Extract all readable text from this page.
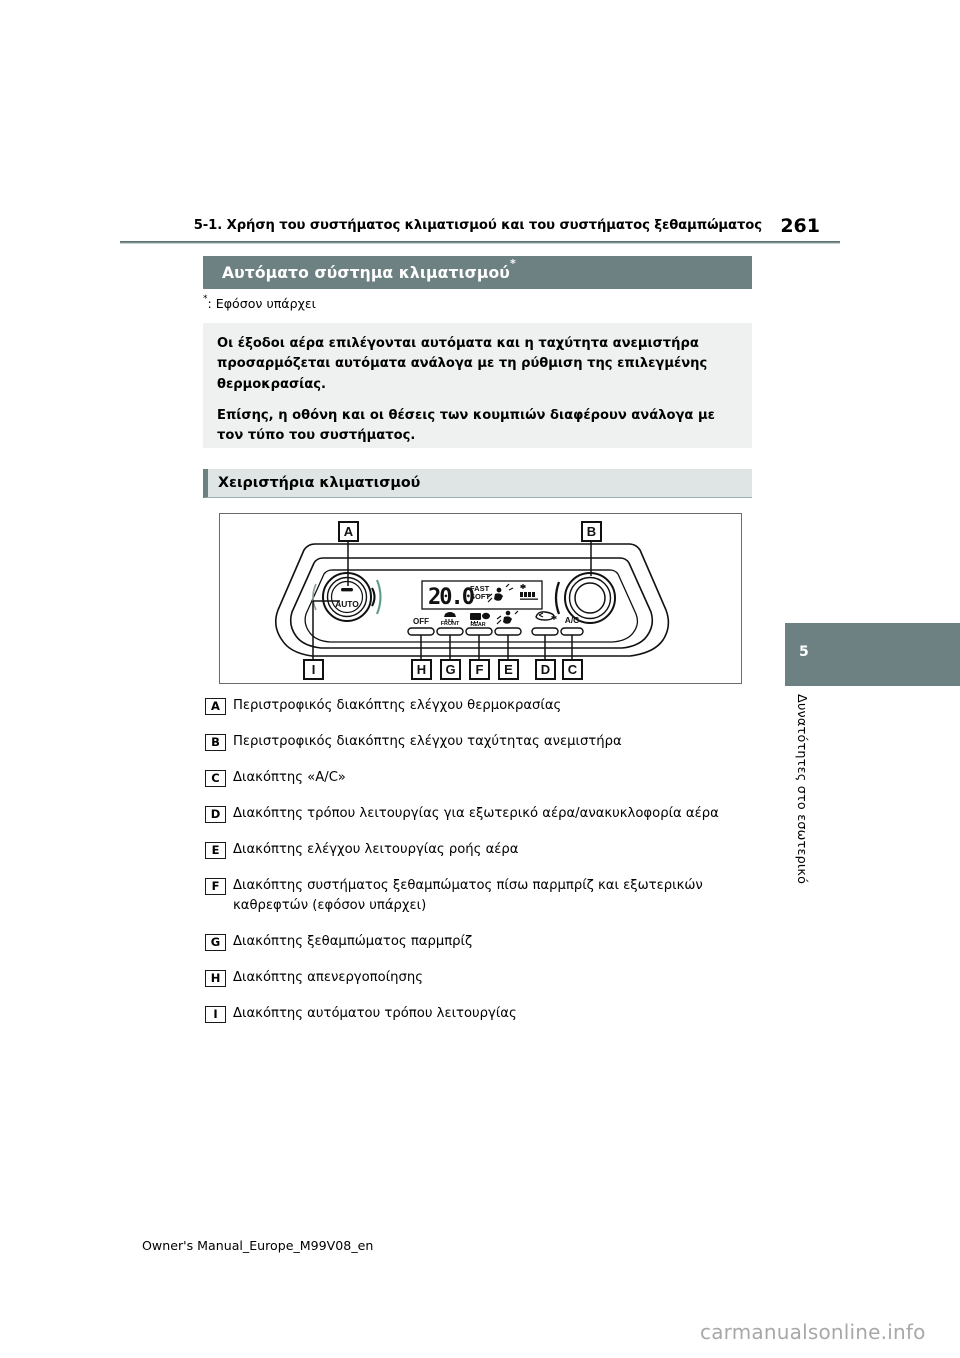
5-1. Χρήση του συστήματος κλιματισμού και του συστήματος ξεθαμπώματος 261
Αυτόματο σύστημα κλιματισμού*
*: Εφόσον υπάρχει

Οι έξοδοι αέρα επιλέγονται αυτόματα και η ταχύτητα ανεμιστήρα προσαρμόζεται αυτόματα ανάλογα με τη ρύθμιση της επιλεγμένης θερμοκρασίας.

Επίσης, η οθόνη και οι θέσεις των κουμπιών διαφέρουν ανάλογα με τον τύπο του συστήματος.

Χειριστήρια κλιματισμού
AUTO	20.0
FAST
SOFT
OFF FRONT REAR	A/C
A	B
I	H G F E D C
A Περιστροφικός διακόπτης ελέγχου θερμοκρασίας
B Περιστροφικός διακόπτης ελέγχου ταχύτητας ανεμιστήρα
C	Διακόπτης «A/C»
D Διακόπτης τρόπου λειτουργίας για εξωτερικό αέρα/ανακυκλοφορία αέρα
E	Διακόπτης ελέγχου λειτουργίας ροής αέρα
F	Διακόπτης συστήματος ξεθαμπώματος πίσω παρμπρίζ και εξωτερικών καθρεφτών (εφόσον υπάρχει)
G Διακόπτης ξεθαμπώματος παρμπρίζ
H Διακόπτης απενεργοποίησης
I	Διακόπτης αυτόματου τρόπου λειτουργίας
5
Δυνατότητες στο εσωτερικό
Owner's Manual_Europe_M99V08_en
carmanualsonline.info
